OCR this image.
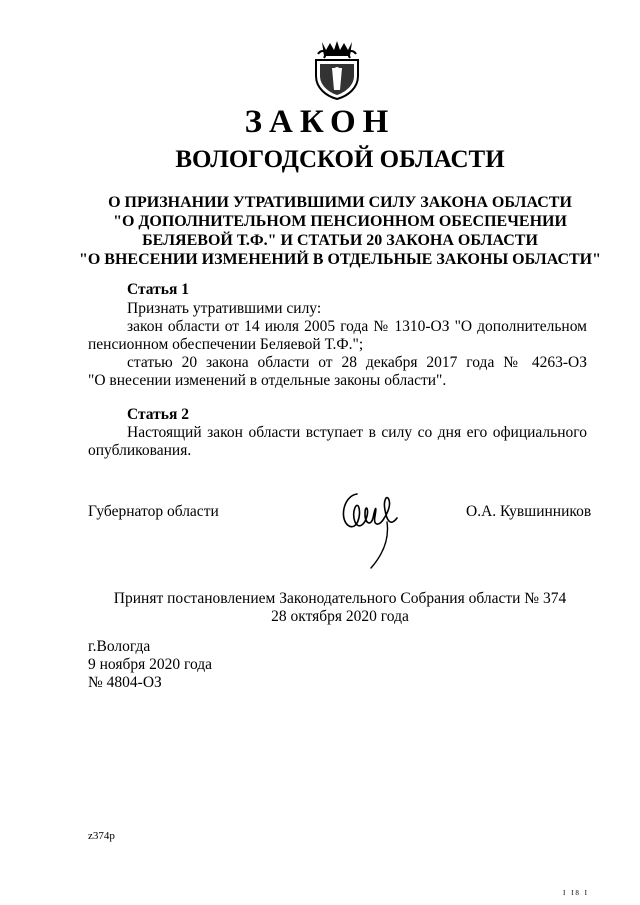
ЗАКОН
ВОЛОГОДСКОЙ ОБЛАСТИ
О ПРИЗНАНИИ УТРАТИВШИМИ СИЛУ ЗАКОНА ОБЛАСТИ
"О ДОПОЛНИТЕЛЬНОМ ПЕНСИОННОМ ОБЕСПЕЧЕНИИ
БЕЛЯЕВОЙ Т.Ф." И СТАТЬИ 20 ЗАКОНА ОБЛАСТИ
"О ВНЕСЕНИИ ИЗМЕНЕНИЙ В ОТДЕЛЬНЫЕ ЗАКОНЫ ОБЛАСТИ"
Статья 1
Признать утратившими силу:
закон области от 14 июля 2005 года № 1310-ОЗ "О дополнительном
пенсионном обеспечении Беляевой Т.Ф.";
статью 20 закона области от 28 декабря 2017 года № 4263-ОЗ
"О внесении изменений в отдельные законы области".
Статья 2
Настоящий закон области вступает в силу со дня его официального
опубликования.
Губернатор области	О.А. Кувшинников
Принят постановлением Законодательного Собрания области № 374
28 октября 2020 года
г.Вологда
9 ноября 2020 года
№ 4804-ОЗ
z374p
I I8 I
